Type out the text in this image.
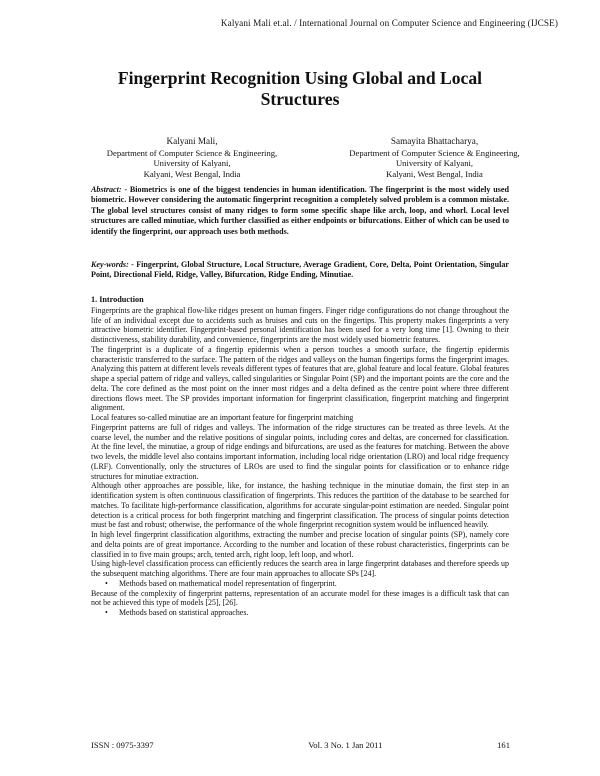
Kalyani Mali et.al. / International Journal on Computer Science and Engineering (IJCSE)
Fingerprint Recognition Using Global and Local
Structures
Kalyani Mali,
Department of Computer Science & Engineering,
University of Kalyani,
Kalyani, West Bengal, India
Samayita Bhattacharya,
Department of Computer Science & Engineering,
University of Kalyani,
Kalyani, West Bengal, India
Abstract: - Biometrics is one of the biggest tendencies in human identification. The fingerprint is the most widely used biometric. However considering the automatic fingerprint recognition a completely solved problem is a common mistake. The global level structures consist of many ridges to form some specific shape like arch, loop, and whorl. Local level structures are called minutiae, which further classified as either endpoints or bifurcations. Either of which can be used to identify the fingerprint, our approach uses both methods.
Key-words: - Fingerprint, Global Structure, Local Structure, Average Gradient, Core, Delta, Point Orientation, Singular Point, Directional Field, Ridge, Valley, Bifurcation, Ridge Ending, Minutiae.
1. Introduction

Fingerprints are the graphical flow-like ridges present on human fingers. Finger ridge configurations do not change throughout the life of an individual except due to accidents such as bruises and cuts on the fingertips. This property makes fingerprints a very attractive biometric identifier. Fingerprint-based personal identification has been used for a very long time [1]. Owning to their distinctiveness, stability durability, and convenience, fingerprints are the most widely used biometric features.

The fingerprint is a duplicate of a fingertip epidermis when a person touches a smooth surface, the fingertip epidermis characteristic transferred to the surface. The pattern of the ridges and valleys on the human fingertips forms the fingerprint images. Analyzing this pattern at different levels reveals different types of features that are, global feature and local feature. Global features shape a special pattern of ridge and valleys, called singularities or Singular Point (SP) and the important points are the core and the delta. The core defined as the most point on the inner most ridges and a delta defined as the centre point where three different directions flows meet. The SP provides important information for fingerprint classification, fingerprint matching and fingerprint alignment.

Local features so-called minutiae are an important feature for fingerprint matching

Fingerprint patterns are full of ridges and valleys. The information of the ridge structures can be treated as three levels. At the coarse level, the number and the relative positions of singular points, including cores and deltas, are concerned for classification. At the fine level, the minutiae, a group of ridge endings and bifurcations, are used as the features for matching. Between the above two levels, the middle level also contains important information, including local ridge orientation (LRO) and local ridge frequency (LRF). Conventionally, only the structures of LROs are used to find the singular points for classification or to enhance ridge structures for minutiae extraction.

Although other approaches are possible, like, for instance, the hashing technique in the minutiae domain, the first step in an identification system is often continuous classification of fingerprints. This reduces the partition of the database to be searched for matches. To facilitate high-performance classification, algorithms for accurate singular-point estimation are needed. Singular point detection is a critical process for both fingerprint matching and fingerprint classification. The process of singular points detection must be fast and robust; otherwise, the performance of the whole fingerprint recognition system would be influenced heavily.

In high level fingerprint classification algorithms, extracting the number and precise location of singular points (SP), namely core and delta points are of great importance. According to the number and location of these robust characteristics, fingerprints can be classified in to five main groups; arch, tented arch, right loop, left loop, and whorl.

Using high-level classification process can efficiently reduces the search area in large fingerprint databases and therefore speeds up the subsequent matching algorithms. There are four main approaches to allocate SPs [24].

•	Methods based on mathematical model representation of fingerprint.

Because of the complexity of fingerprint patterns, representation of an accurate model for these images is a difficult task that can not be achieved this type of models [25], [26].

•	Methods based on statistical approaches.
ISSN : 0975-3397	Vol. 3 No. 1 Jan 2011	161
